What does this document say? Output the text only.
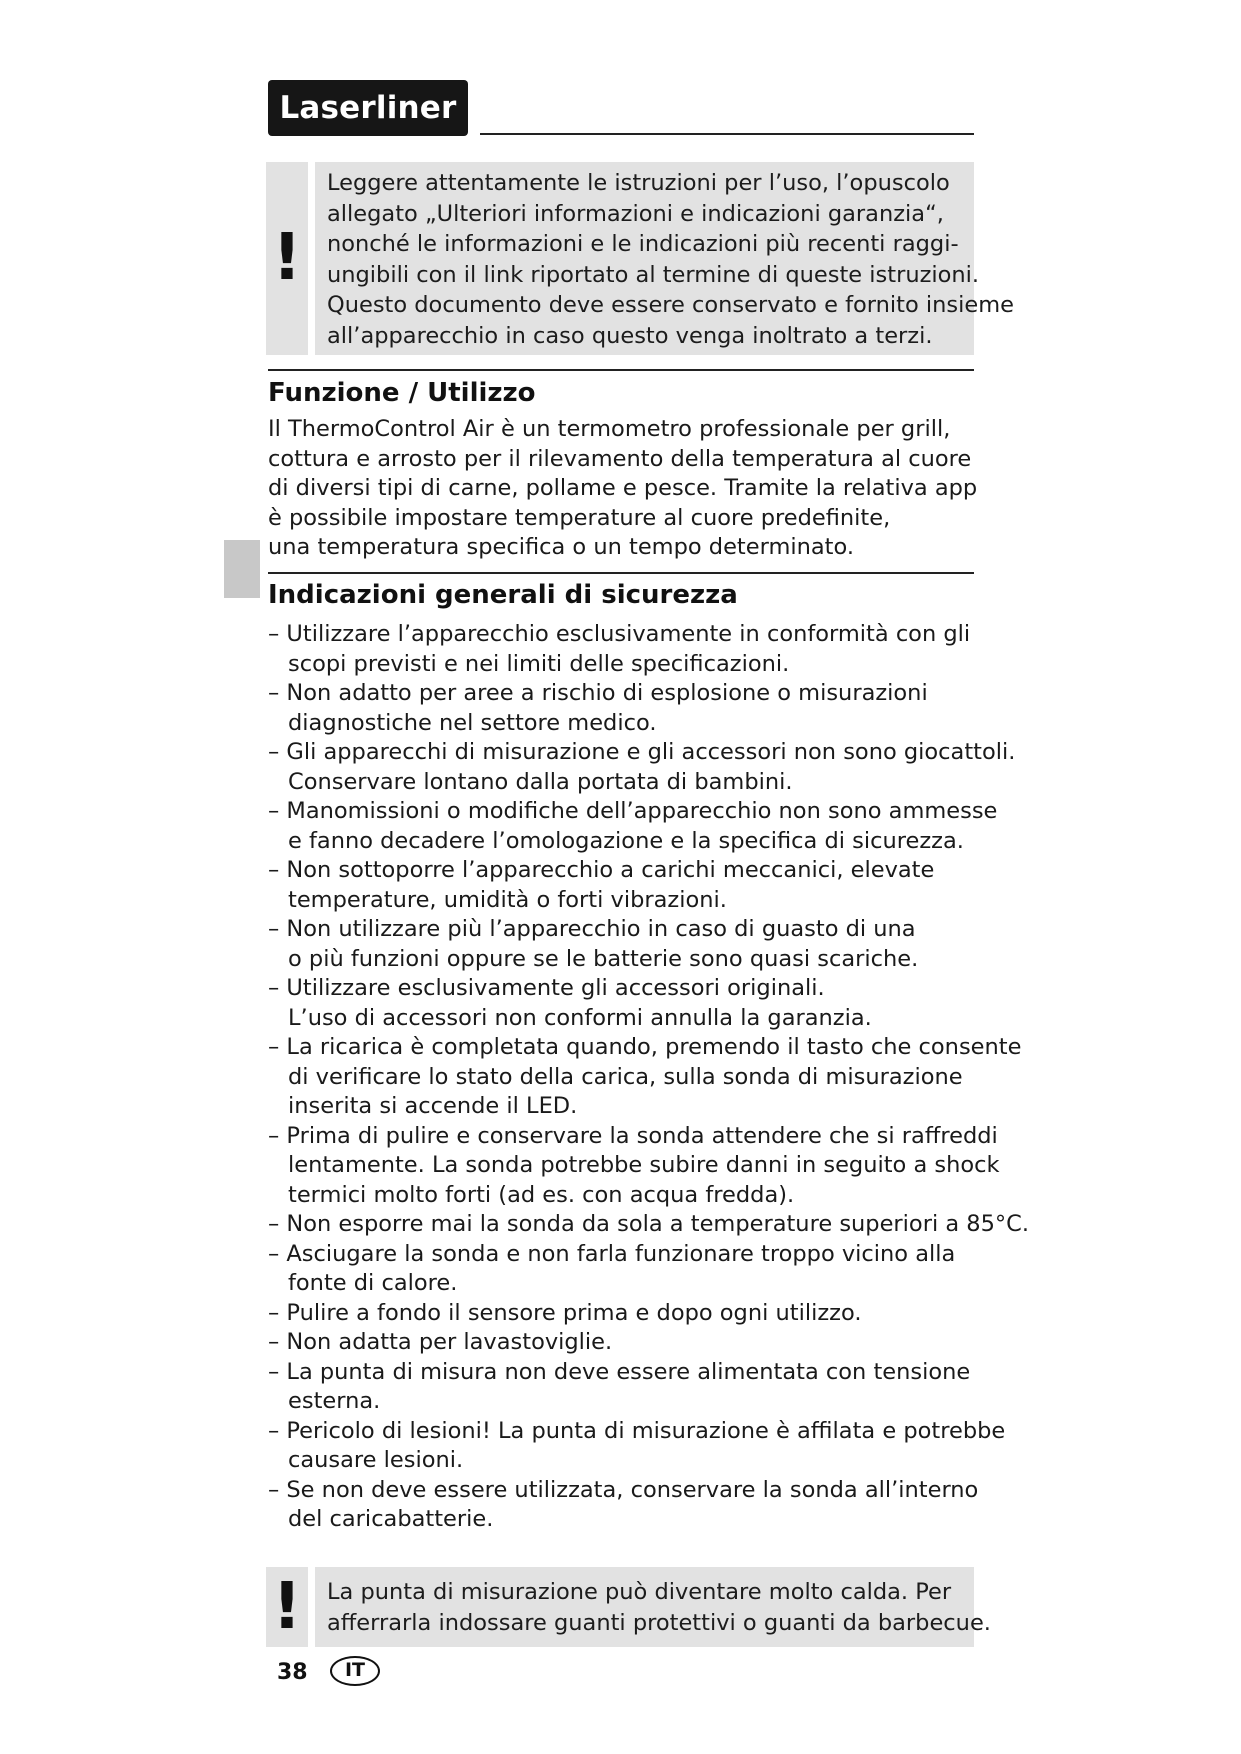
Laserliner
!

Leggere attentamente le istruzioni per l’uso, l’opuscolo

allegato „Ulteriori informazioni e indicazioni garanzia“,

nonché le informazioni e le indicazioni più recenti raggi-

ungibili con il link riportato al termine di queste istruzioni.

Questo documento deve essere conservato e fornito insieme

all’apparecchio in caso questo venga inoltrato a terzi.

Funzione / Utilizzo

Il ThermoControl Air è un termometro professionale per grill,

cottura e arrosto per il rilevamento della temperatura al cuore

di diversi tipi di carne, pollame e pesce. Tramite la relativa app

è possibile impostare temperature al cuore predefinite,

una temperatura specifica o un tempo determinato.

Indicazioni generali di sicurezza
– Utilizzare l’apparecchio esclusivamente in conformità con gli
scopi previsti e nei limiti delle specificazioni.
– Non adatto per aree a rischio di esplosione o misurazioni
diagnostiche nel settore medico.
– Gli apparecchi di misurazione e gli accessori non sono giocattoli.
Conservare lontano dalla portata di bambini.
– Manomissioni o modifiche dell’apparecchio non sono ammesse
e fanno decadere l’omologazione e la specifica di sicurezza.
– Non sottoporre l’apparecchio a carichi meccanici, elevate
temperature, umidità o forti vibrazioni.
– Non utilizzare più l’apparecchio in caso di guasto di una
o più funzioni oppure se le batterie sono quasi scariche.
– Utilizzare esclusivamente gli accessori originali.
L’uso di accessori non conformi annulla la garanzia.
– La ricarica è completata quando, premendo il tasto che consente
di verificare lo stato della carica, sulla sonda di misurazione
inserita si accende il LED.
– Prima di pulire e conservare la sonda attendere che si raffreddi
lentamente. La sonda potrebbe subire danni in seguito a shock
termici molto forti (ad es. con acqua fredda).
– Non esporre mai la sonda da sola a temperature superiori a 85°C.
– Asciugare la sonda e non farla funzionare troppo vicino alla
fonte di calore.
– Pulire a fondo il sensore prima e dopo ogni utilizzo.
– Non adatta per lavastoviglie.
– La punta di misura non deve essere alimentata con tensione
esterna.
– Pericolo di lesioni! La punta di misurazione è affilata e potrebbe
causare lesioni.
– Se non deve essere utilizzata, conservare la sonda all’interno
del caricabatterie.
! La punta di misurazione può diventare molto calda. Per

afferrarla indossare guanti protettivi o guanti da barbecue.

38	IT
